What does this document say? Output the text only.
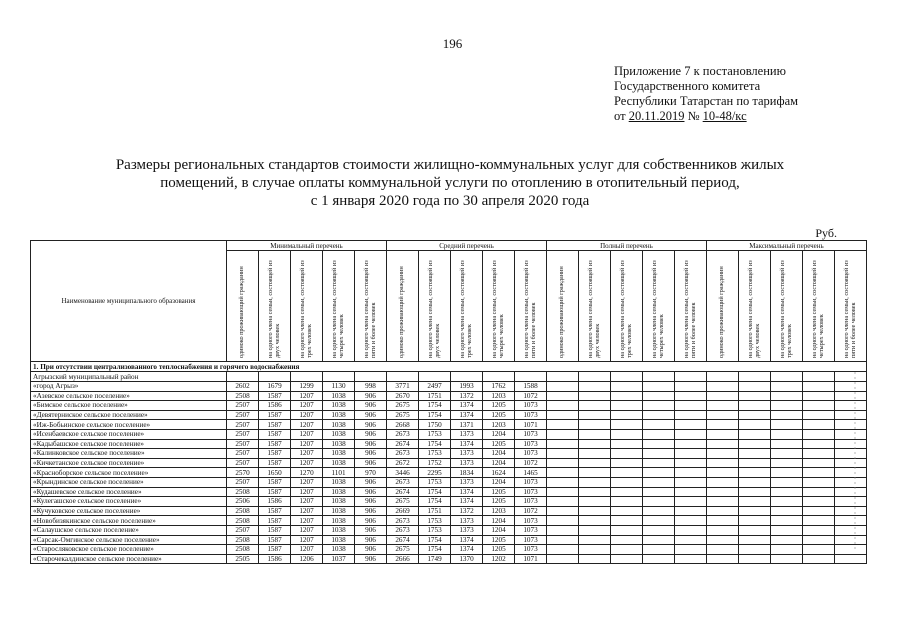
196
Приложение 7 к постановлению
Государственного комитета
Республики Татарстан по тарифам
от 20.11.2019 № 10-48/кс
Размеры региональных стандартов стоимости жилищно-коммунальных услуг для собственников жилых
помещений, в случае оплаты коммунальной услуги по отоплению в отопительный период,
с 1 января 2020 года по 30 апреля 2020 года
Руб.
Наименование муниципального образования	Минимальный перечень					Средний перечень					Полный перечень					Максимальный перечень				

	одиноко проживающий гражданин	на одного члена семьи, состоящей из двух человек	на одного члена семьи, состоящей из трех человек	на одного члена семьи, состоящей из четырех человек	на одного члена семьи, состоящей из пяти и более человек	одиноко проживающий гражданин	на одного члена семьи, состоящей из двух человек	на одного члена семьи, состоящей из трех человек	на одного члена семьи, состоящей из четырех человек	на одного члена семьи, состоящей из пяти и более человек	одиноко проживающий гражданин	на одного члена семьи, состоящей из двух человек	на одного члена семьи, состоящей из трех человек	на одного члена семьи, состоящей из четырех человек	на одного члена семьи, состоящей из пяти и более человек	одиноко проживающий гражданин	на одного члена семьи, состоящей из двух человек	на одного члена семьи, состоящей из трех человек	на одного члена семьи, состоящей из четырех человек	на одного члена семьи, состоящей из пяти и более человек

1. При отсутствии централизованного теплоснабжения и горячего водоснабжения																				
Агрызский муниципальный район																				
«город Агрыз»	2602	1679	1299	1130	998	3771	2497	1993	1762	1588										
«Азевское сельское поселение»	2508	1587	1207	1038	906	2670	1751	1372	1203	1072										
«Бимское сельское поселение»	2507	1586	1207	1038	906	2675	1754	1374	1205	1073										
«Девятерниское сельское поселение»	2507	1587	1207	1038	906	2675	1754	1374	1205	1073										
«Иж-Бобьинское сельское поселение»	2507	1587	1207	1038	906	2668	1750	1371	1203	1071										
«Исенбаевское сельское поселение»	2507	1587	1207	1038	906	2673	1753	1373	1204	1073										
«Кадыбашское сельское поселение»	2507	1587	1207	1038	906	2674	1754	1374	1205	1073										
«Калинковское сельское поселение»	2507	1587	1207	1038	906	2673	1753	1373	1204	1073										
«Кичкетанское сельское поселение»	2507	1587	1207	1038	906	2672	1752	1373	1204	1072										
«Красноборское сельское поселение»	2570	1650	1270	1101	970	3446	2295	1834	1624	1465										
«Крындинское сельское поселение»	2507	1587	1207	1038	906	2673	1753	1373	1204	1073										
«Кудашевское сельское поселение»	2508	1587	1207	1038	906	2674	1754	1374	1205	1073										
«Кулегашское сельское поселение»	2506	1586	1207	1038	906	2675	1754	1374	1205	1073										
«Кучуковское сельское поселение»	2508	1587	1207	1038	906	2669	1751	1372	1203	1072										
«Новобизякинское сельское поселение»	2508	1587	1207	1038	906	2673	1753	1373	1204	1073										
«Салаушское сельское поселение»	2507	1587	1207	1038	906	2673	1753	1373	1204	1073										
«Сарсак-Омгинское сельское поселение»	2508	1587	1207	1038	906	2674	1754	1374	1205	1073										
«Старосляковское сельское поселение»	2508	1587	1207	1038	906	2675	1754	1374	1205	1073										
«Старочекалдинское сельское поселение»	2505	1586	1206	1037	906	2666	1749	1370	1202	1071										
